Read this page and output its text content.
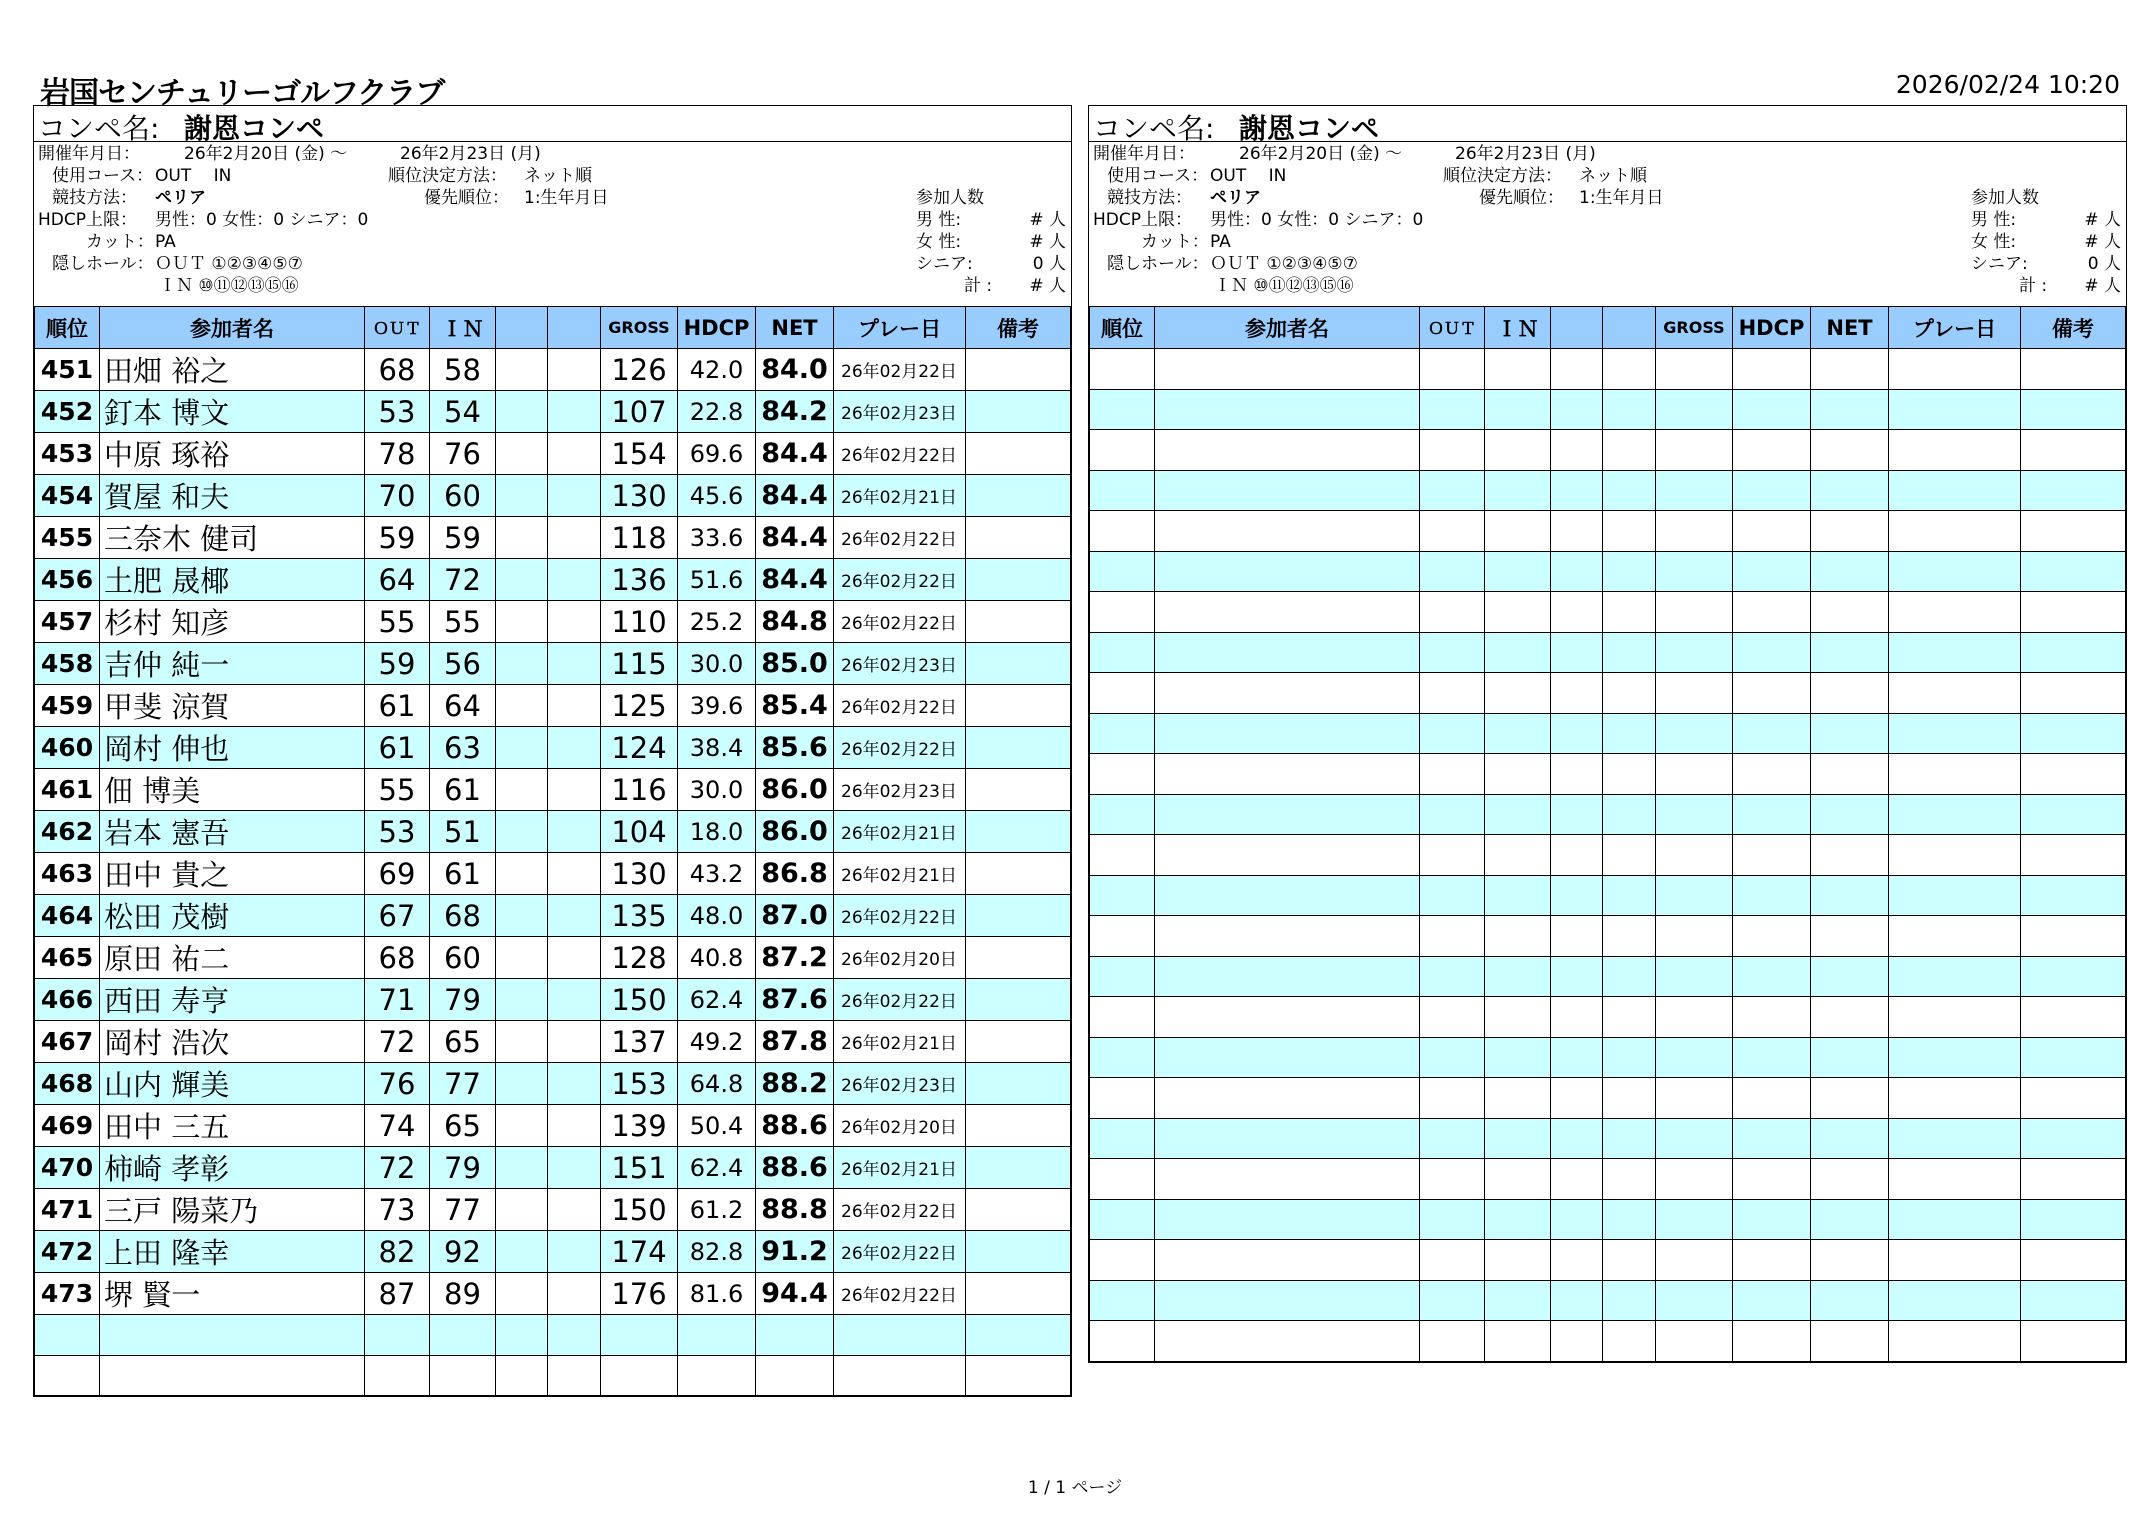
岩国センチュリーゴルフクラブ	2026/02/24 10:20
コンペ名: 謝恩コンペ
開催年月日：	26年2月20日 (金) ～	26年2月23日 (月)
使用コース： OUT　 IN	順位決定方法： ネット順
競技方法： ペリア	優先順位： 1:生年月日	参加人数
HDCP上限： 男性：0 女性：0 シニア：0	男 性:	# 人
カット： PA	女 性:	# 人
隠しホール： ＯＵＴ ①②③④⑤⑦	シニア:	0 人
ＩＮ ⑩⑪⑫⑬⑮⑯	計 :	# 人
順位	参加者名	ＯＵＴ	ＩＮ			GROSS	HDCP	NET	プレー日	備考
451	田畑 裕之	68	58			126	42.0	84.0	26年02月22日	
452	釘本 博文	53	54			107	22.8	84.2	26年02月23日	
453	中原 琢裕	78	76			154	69.6	84.4	26年02月22日	
454	賀屋 和夫	70	60			130	45.6	84.4	26年02月21日	
455	三奈木 健司	59	59			118	33.6	84.4	26年02月22日	
456	土肥 晟椰	64	72			136	51.6	84.4	26年02月22日	
457	杉村 知彦	55	55			110	25.2	84.8	26年02月22日	
458	吉仲 純一	59	56			115	30.0	85.0	26年02月23日	
459	甲斐 涼賀	61	64			125	39.6	85.4	26年02月22日	
460	岡村 伸也	61	63			124	38.4	85.6	26年02月22日	
461	佃 博美	55	61			116	30.0	86.0	26年02月23日	
462	岩本 憲吾	53	51			104	18.0	86.0	26年02月21日	
463	田中 貴之	69	61			130	43.2	86.8	26年02月21日	
464	松田 茂樹	67	68			135	48.0	87.0	26年02月22日	
465	原田 祐二	68	60			128	40.8	87.2	26年02月20日	
466	西田 寿亨	71	79			150	62.4	87.6	26年02月22日	
467	岡村 浩次	72	65			137	49.2	87.8	26年02月21日	
468	山内 輝美	76	77			153	64.8	88.2	26年02月23日	
469	田中 三五	74	65			139	50.4	88.6	26年02月20日	
470	柿崎 孝彰	72	79			151	62.4	88.6	26年02月21日	
471	三戸 陽菜乃	73	77			150	61.2	88.8	26年02月22日	
472	上田 隆幸	82	92			174	82.8	91.2	26年02月22日	
473	堺 賢一	87	89			176	81.6	94.4	26年02月22日	

コンペ名: 謝恩コンペ
開催年月日：	26年2月20日 (金) ～	26年2月23日 (月)
使用コース： OUT　 IN	順位決定方法： ネット順
競技方法： ペリア	優先順位： 1:生年月日	参加人数
HDCP上限： 男性：0 女性：0 シニア：0	男 性:	# 人
カット： PA	女 性:	# 人
隠しホール： ＯＵＴ ①②③④⑤⑦	シニア:	0 人
ＩＮ ⑩⑪⑫⑬⑮⑯	計 :	# 人
順位	参加者名	ＯＵＴ	ＩＮ			GROSS	HDCP	NET	プレー日	備考

1 / 1 ページ
